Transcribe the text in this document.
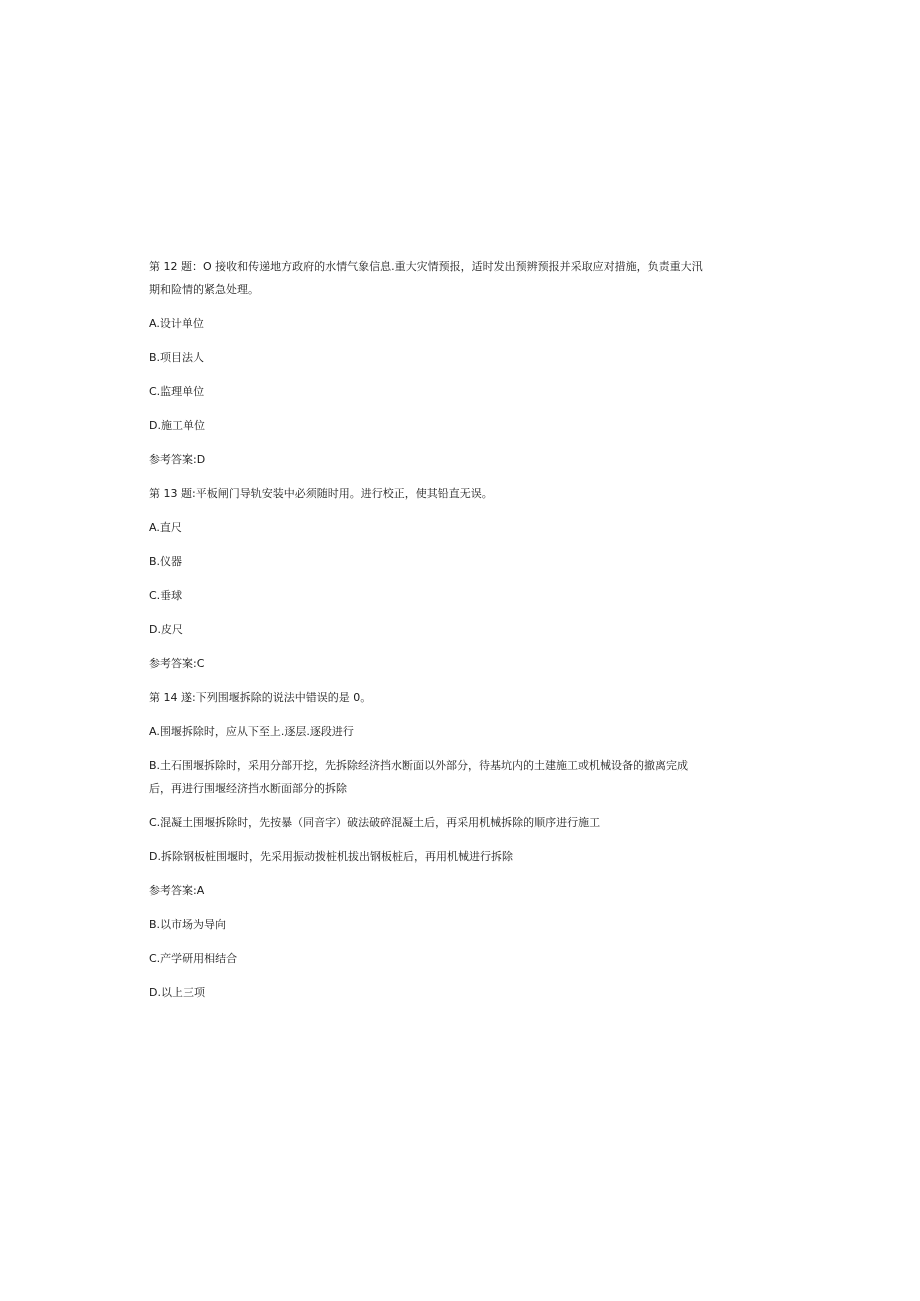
第 12 题：O 接收和传递地方政府的水情气象信息.重大灾情预报，适时发出预辨预报并采取应对措施，负责重大汛
期和险情的紧急处理。
A.设计单位
B.项目法人
C.监理单位
D.施工单位
参考答案:D
第 13 题:平板闸门导轨安装中必须随时用。进行校正，使其铅直无误。
A.直尺
B.仪器
C.垂球
D.皮尺
参考答案:C
第 14 遂:下列围堰拆除的说法中错误的是 0。
A.围堰拆除时，应从下至上.逐层.逐段进行
B.土石围堰拆除时，采用分部开挖，先拆除经济挡水断面以外部分，待基坑内的土建施工或机械设备的撤离完成
后，再进行围堰经济挡水断面部分的拆除
C.混凝土围堰拆除时，先按暴（同音字）破法破碎混凝土后，再采用机械拆除的顺序进行施工
D.拆除钢板桩围堰时，先采用振动拨桩机拔出钢板桩后，再用机械进行拆除
参考答案:A
B.以市场为导向
C.产学研用相结合
D.以上三项
